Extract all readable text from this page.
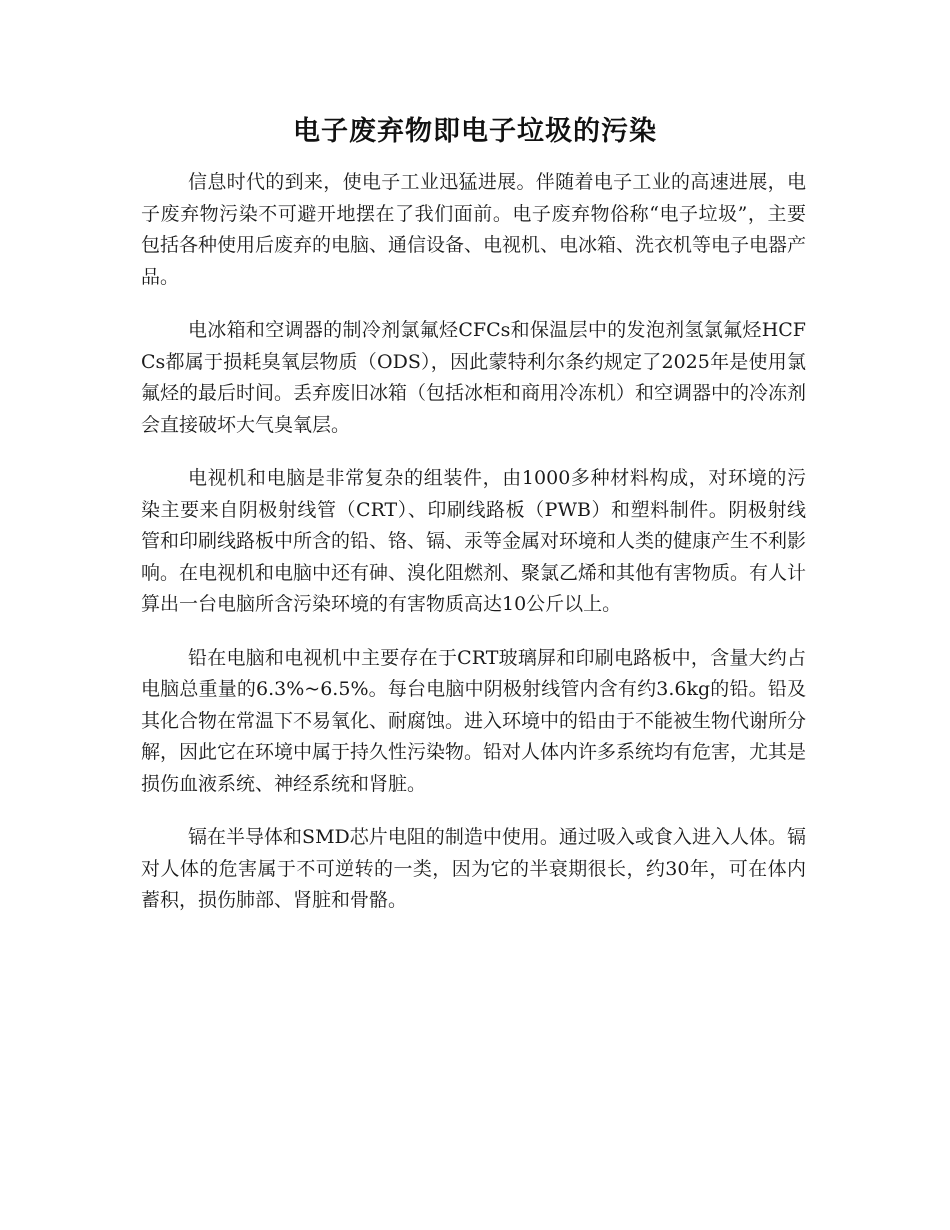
电子废弃物即电子垃圾的污染

信息时代的到来，使电子工业迅猛进展。伴随着电子工业的高速进展，电子废弃物污染不可避开地摆在了我们面前。电子废弃物俗称“电子垃圾”，主要包括各种使用后废弃的电脑、通信设备、电视机、电冰箱、洗衣机等电子电器产品。

电冰箱和空调器的制冷剂氯氟烃CFCs和保温层中的发泡剂氢氯氟烃HCFCs都属于损耗臭氧层物质（ODS），因此蒙特利尔条约规定了2025年是使用氯氟烃的最后时间。丢弃废旧冰箱（包括冰柜和商用冷冻机）和空调器中的冷冻剂会直接破坏大气臭氧层。

电视机和电脑是非常复杂的组装件，由1000多种材料构成，对环境的污染主要来自阴极射线管（CRT）、印刷线路板（PWB）和塑料制件。阴极射线管和印刷线路板中所含的铅、铬、镉、汞等金属对环境和人类的健康产生不利影响。在电视机和电脑中还有砷、溴化阻燃剂、聚氯乙烯和其他有害物质。有人计算出一台电脑所含污染环境的有害物质高达10公斤以上。

铅在电脑和电视机中主要存在于CRT玻璃屏和印刷电路板中，含量大约占电脑总重量的6.3%~6.5%。每台电脑中阴极射线管内含有约3.6kg的铅。铅及其化合物在常温下不易氧化、耐腐蚀。进入环境中的铅由于不能被生物代谢所分解，因此它在环境中属于持久性污染物。铅对人体内许多系统均有危害，尤其是损伤血液系统、神经系统和肾脏。

镉在半导体和SMD芯片电阻的制造中使用。通过吸入或食入进入人体。镉对人体的危害属于不可逆转的一类，因为它的半衰期很长，约30年，可在体内蓄积，损伤肺部、肾脏和骨骼。
